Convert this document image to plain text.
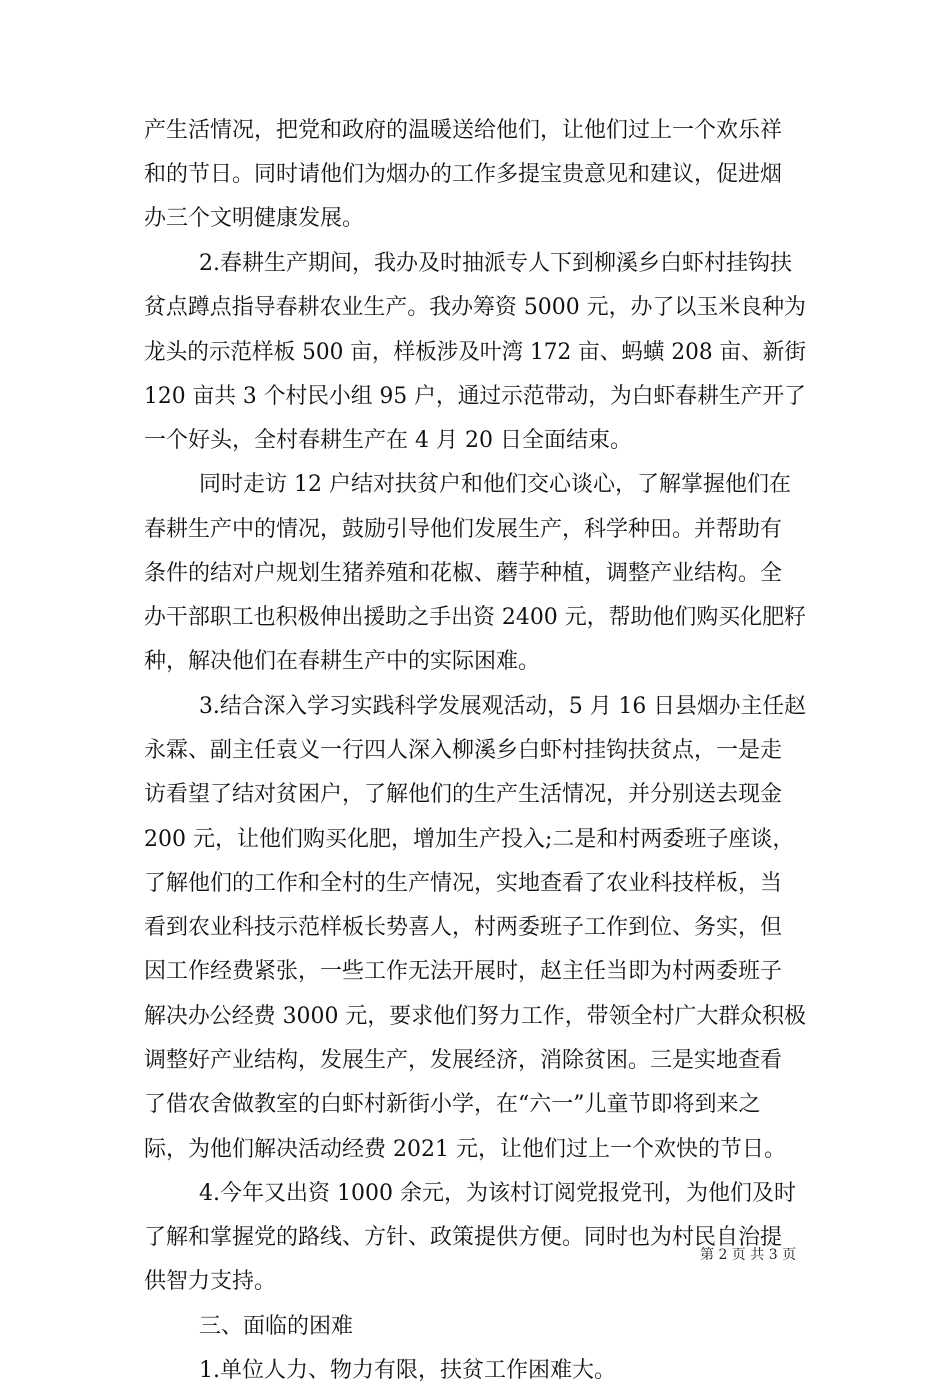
产生活情况，把党和政府的温暖送给他们，让他们过上一个欢乐祥
和的节日。同时请他们为烟办的工作多提宝贵意见和建议，促进烟
办三个文明健康发展。
2.春耕生产期间，我办及时抽派专人下到柳溪乡白虾村挂钩扶
贫点蹲点指导春耕农业生产。我办筹资 5000 元，办了以玉米良种为
龙头的示范样板 500 亩，样板涉及叶湾 172 亩、蚂蟥 208 亩、新街
120 亩共 3 个村民小组 95 户，通过示范带动，为白虾春耕生产开了
一个好头，全村春耕生产在 4 月 20 日全面结束。
同时走访 12 户结对扶贫户和他们交心谈心，了解掌握他们在
春耕生产中的情况，鼓励引导他们发展生产，科学种田。并帮助有
条件的结对户规划生猪养殖和花椒、蘑芋种植，调整产业结构。全
办干部职工也积极伸出援助之手出资 2400 元，帮助他们购买化肥籽
种，解决他们在春耕生产中的实际困难。
3.结合深入学习实践科学发展观活动，5 月 16 日县烟办主任赵
永霖、副主任袁义一行四人深入柳溪乡白虾村挂钩扶贫点，一是走
访看望了结对贫困户，了解他们的生产生活情况，并分别送去现金
200 元，让他们购买化肥，增加生产投入;二是和村两委班子座谈，
了解他们的工作和全村的生产情况，实地查看了农业科技样板，当
看到农业科技示范样板长势喜人，村两委班子工作到位、务实，但
因工作经费紧张，一些工作无法开展时，赵主任当即为村两委班子
解决办公经费 3000 元，要求他们努力工作，带领全村广大群众积极
调整好产业结构，发展生产，发展经济，消除贫困。三是实地查看
了借农舍做教室的白虾村新街小学，在“六一”儿童节即将到来之
际，为他们解决活动经费 2021 元，让他们过上一个欢快的节日。
4.今年又出资 1000 余元，为该村订阅党报党刊，为他们及时
了解和掌握党的路线、方针、政策提供方便。同时也为村民自治提
供智力支持。
三、面临的困难
1.单位人力、物力有限，扶贫工作困难大。
第 2 页 共 3 页
